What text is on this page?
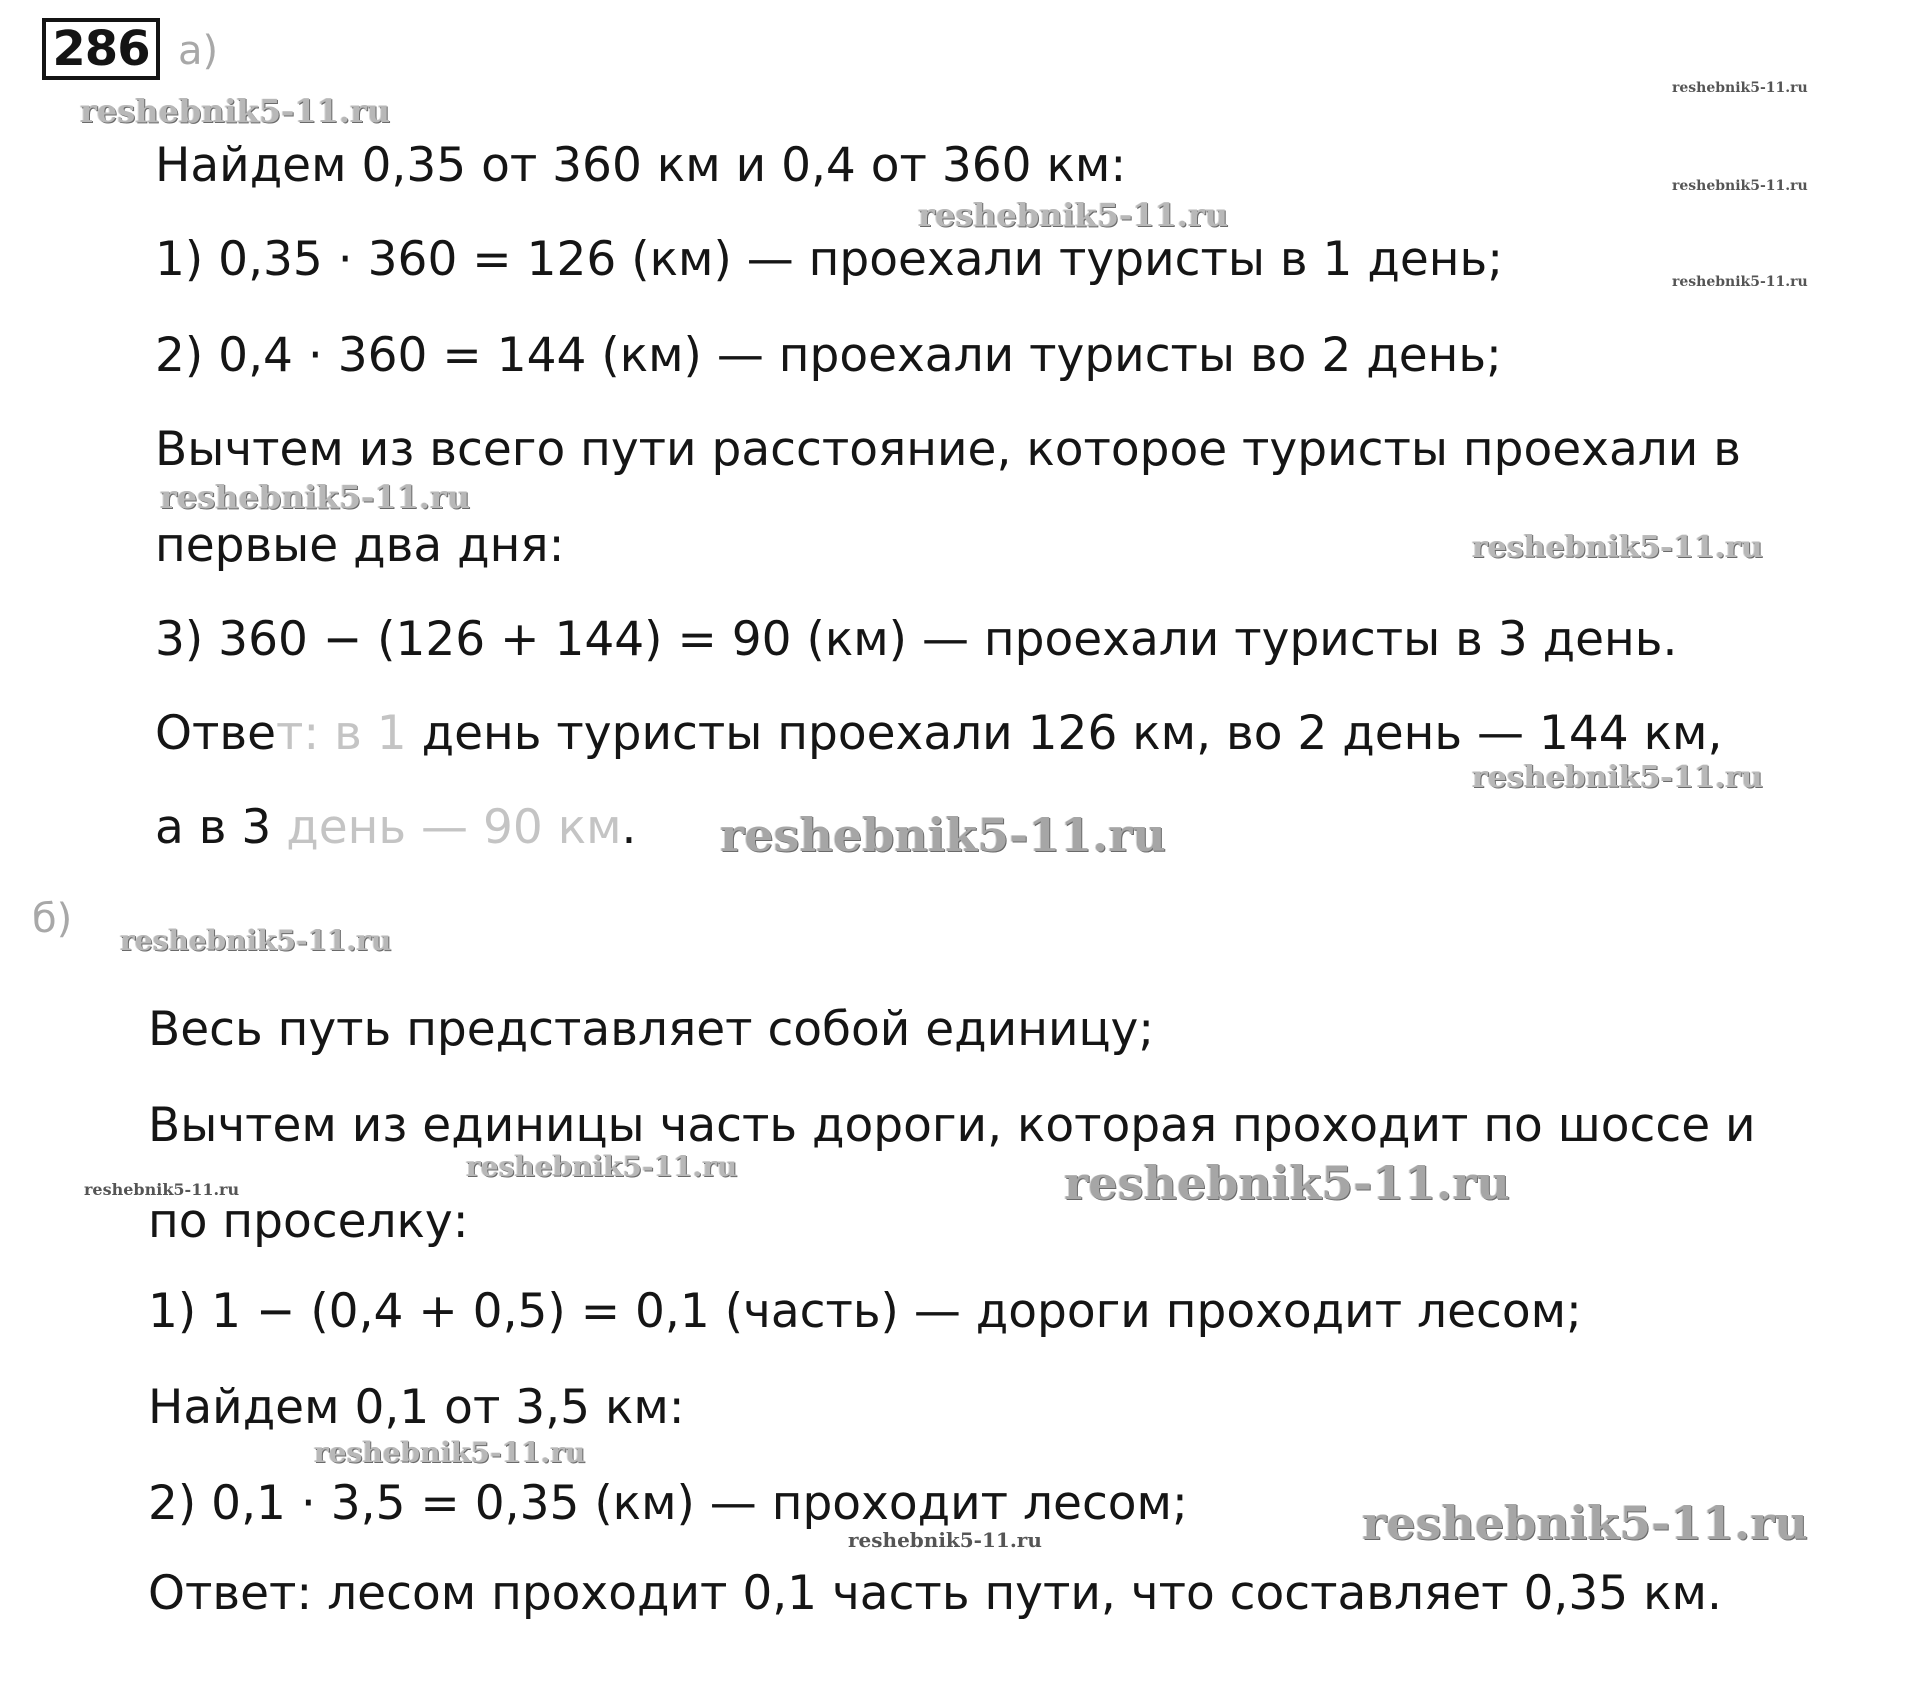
286 а)
Найдем 0,35 от 360 км и 0,4 от 360 км:
1) 0,35 · 360 = 126 (км) — проехали туристы в 1 день;
2) 0,4 · 360 = 144 (км) — проехали туристы во 2 день;
Вычтем из всего пути расстояние, которое туристы проехали в
первые два дня:
3) 360 − (126 + 144) = 90 (км) — проехали туристы в 3 день.
Ответ: в 1 день туристы проехали 126 км, во 2 день — 144 км,
а в 3 день — 90 км.
б)
Весь путь представляет собой единицу;
Вычтем из единицы часть дороги, которая проходит по шоссе и
по проселку:
1) 1 − (0,4 + 0,5) = 0,1 (часть) — дороги проходит лесом;
Найдем 0,1 от 3,5 км:
2) 0,1 · 3,5 = 0,35 (км) — проходит лесом;
Ответ: лесом проходит 0,1 часть пути, что составляет 0,35 км.
reshebnik5-11.ru
reshebnik5-11.ru
reshebnik5-11.ru
reshebnik5-11.ru
reshebnik5-11.ru
reshebnik5-11.ru
reshebnik5-11.ru
reshebnik5-11.ru
reshebnik5-11.ru
reshebnik5-11.ru
reshebnik5-11.ru
reshebnik5-11.ru	reshebnik5-11.ru
reshebnik5-11.ru
reshebnik5-11.ru	reshebnik5-11.ru
